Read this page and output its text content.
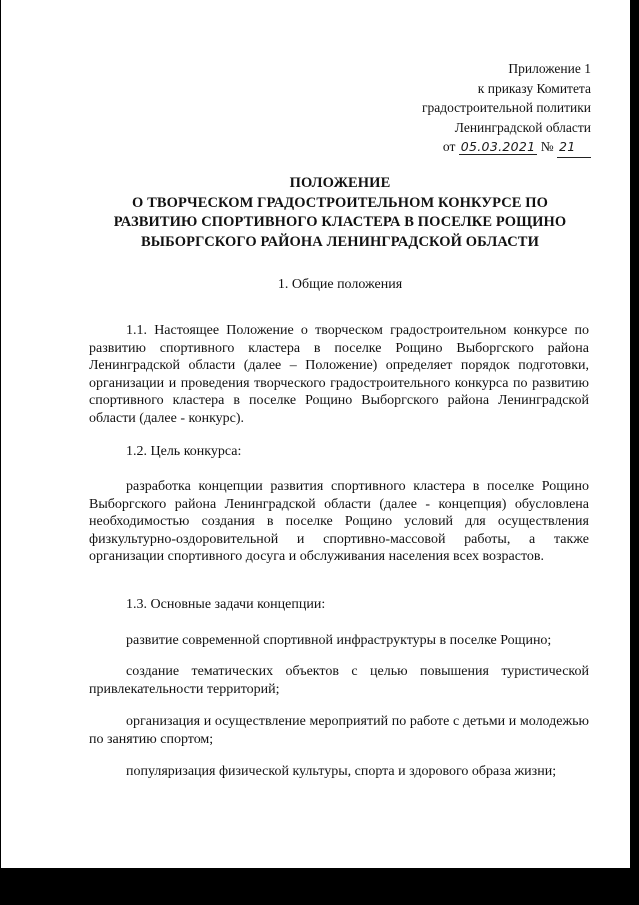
Приложение 1
к приказу Комитета
градостроительной политики
Ленинградской области
от 05.03.2021 № 21
ПОЛОЖЕНИЕ
О ТВОРЧЕСКОМ ГРАДОСТРОИТЕЛЬНОМ КОНКУРСЕ ПО
РАЗВИТИЮ СПОРТИВНОГО КЛАСТЕРА В ПОСЕЛКЕ РОЩИНО
ВЫБОРГСКОГО РАЙОНА ЛЕНИНГРАДСКОЙ ОБЛАСТИ
1. Общие положения
1.1. Настоящее Положение о творческом градостроительном конкурсе по развитию спортивного кластера в поселке Рощино Выборгского района Ленинградской области (далее – Положение) определяет порядок подготовки, организации и проведения творческого градостроительного конкурса по развитию спортивного кластера в поселке Рощино Выборгского района Ленинградской области (далее - конкурс).
1.2. Цель конкурса:
разработка концепции развития спортивного кластера в поселке Рощино Выборгского района Ленинградской области (далее - концепция) обусловлена необходимостью создания в поселке Рощино условий для осуществления физкультурно-оздоровительной и спортивно-массовой работы, а также организации спортивного досуга и обслуживания населения всех возрастов.
1.3. Основные задачи концепции:
развитие современной спортивной инфраструктуры в поселке Рощино;
создание тематических объектов с целью повышения туристической привлекательности территорий;
организация и осуществление мероприятий по работе с детьми и молодежью по занятию спортом;
популяризация физической культуры, спорта и здорового образа жизни;
